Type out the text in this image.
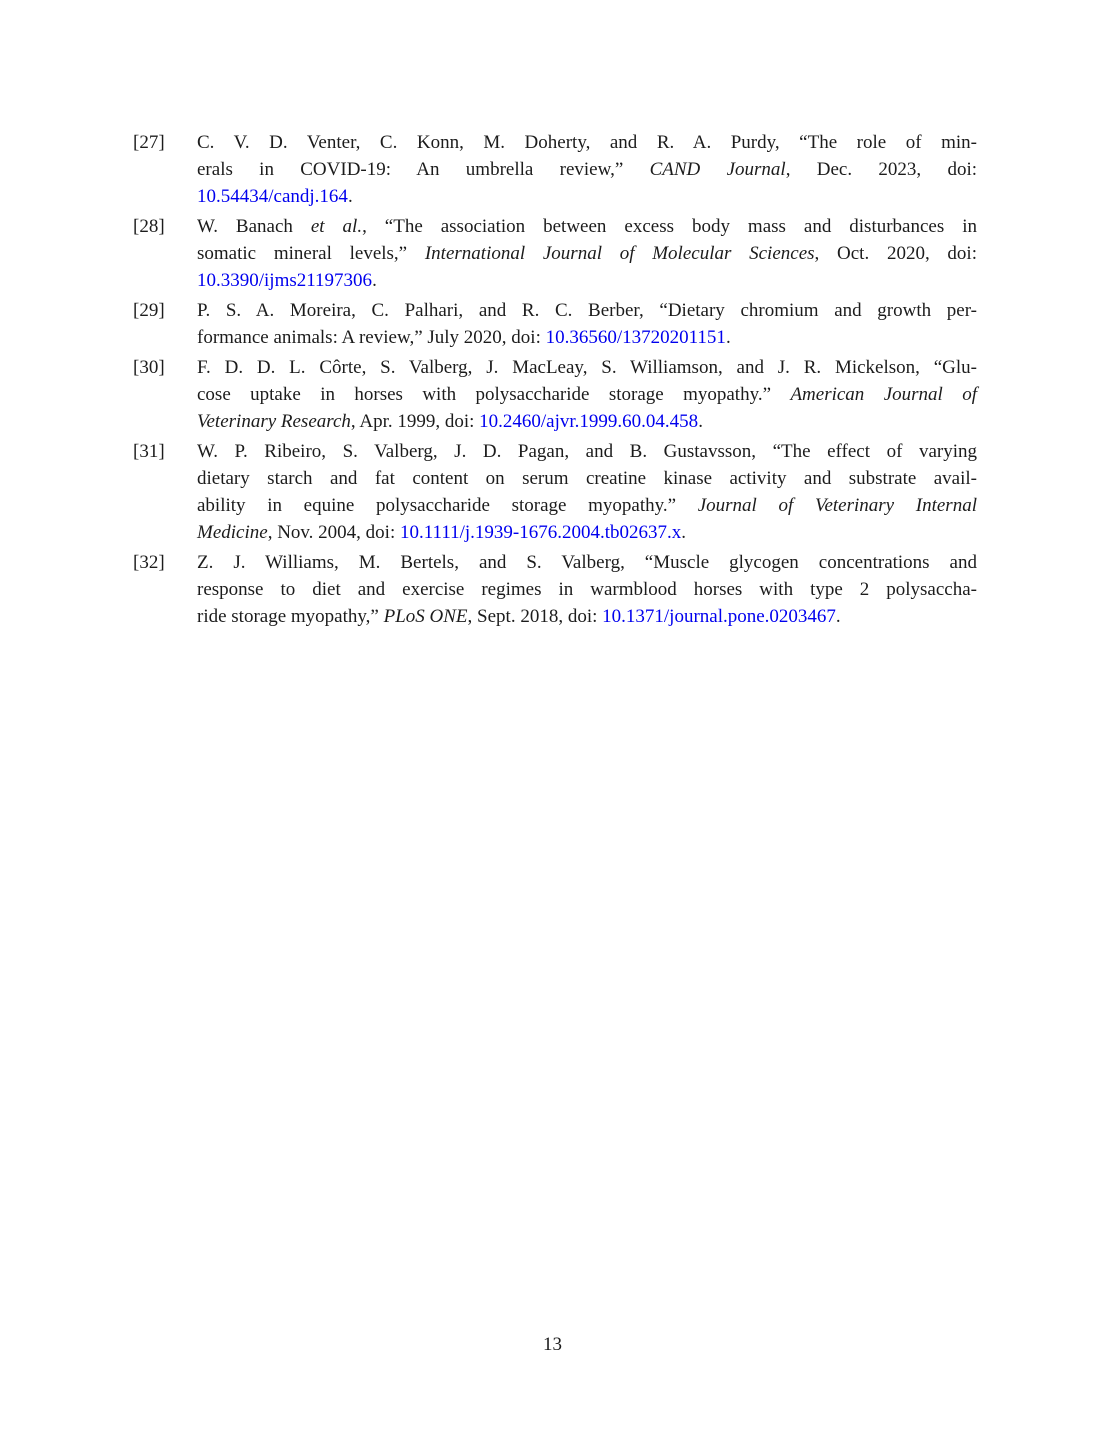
[27]	C. V. D. Venter, C. Konn, M. Doherty, and R. A. Purdy, “The role of min-
erals in COVID-19: An umbrella review,” CAND Journal, Dec. 2023, doi:
10.54434/candj.164.
[28]	W. Banach et al., “The association between excess body mass and disturbances in
somatic mineral levels,” International Journal of Molecular Sciences, Oct. 2020, doi:
10.3390/ijms21197306.
[29]	P. S. A. Moreira, C. Palhari, and R. C. Berber, “Dietary chromium and growth per-
formance animals: A review,” July 2020, doi: 10.36560/13720201151.
[30]	F. D. D. L. Côrte, S. Valberg, J. MacLeay, S. Williamson, and J. R. Mickelson, “Glu-
cose uptake in horses with polysaccharide storage myopathy.” American Journal of
Veterinary Research, Apr. 1999, doi: 10.2460/ajvr.1999.60.04.458.
[31]	W. P. Ribeiro, S. Valberg, J. D. Pagan, and B. Gustavsson, “The effect of varying
dietary starch and fat content on serum creatine kinase activity and substrate avail-
ability in equine polysaccharide storage myopathy.” Journal of Veterinary Internal
Medicine, Nov. 2004, doi: 10.1111/j.1939-1676.2004.tb02637.x.
[32]	Z. J. Williams, M. Bertels, and S. Valberg, “Muscle glycogen concentrations and
response to diet and exercise regimes in warmblood horses with type 2 polysaccha-
ride storage myopathy,” PLoS ONE, Sept. 2018, doi: 10.1371/journal.pone.0203467.
13
